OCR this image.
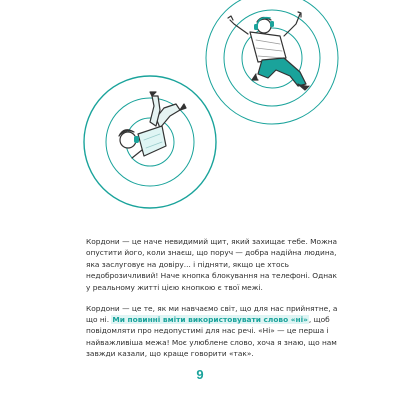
Кордони — це наче невидимий щит, який захищає тебе. Можна опустити його, коли знаєш, що поруч — добра надійна людина, яка заслуговує на довіру... і підняти, якщо це хтось недоброзичливий! Наче кнопка блокування на телефоні. Однак у реальному житті цією кнопкою є твої межі.

Кордони — це те, як ми навчаємо світ, що для нас прийнятне, а що ні. Ми повинні вміти використовувати слово «ні», щоб повідомляти про недопустимі для нас речі. «Ні» — це перша і найважливіша межа! Моє улюблене слово, хоча я знаю, що нам завжди казали, що краще говорити «так».

9
